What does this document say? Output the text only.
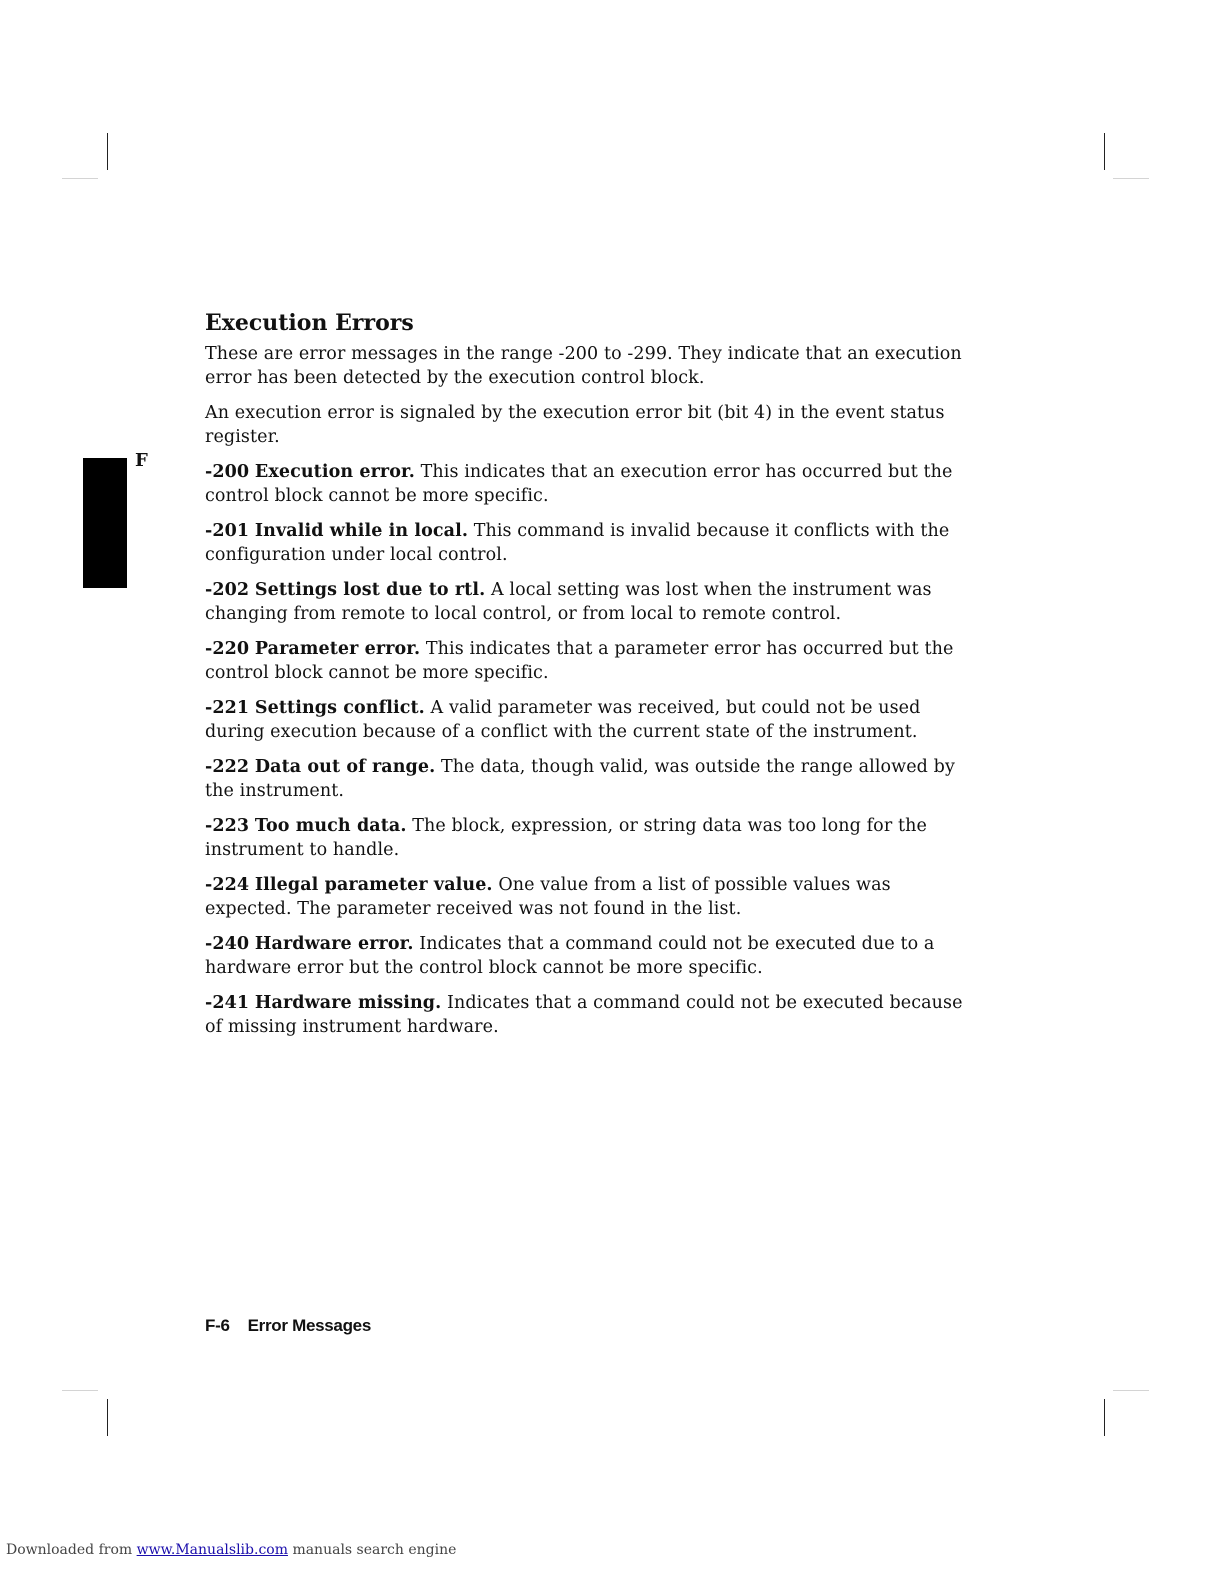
F
Execution Errors

These are error messages in the range -200 to -299. They indicate that an execution error has been detected by the execution control block.

An execution error is signaled by the execution error bit (bit 4) in the event status register.

-200 Execution error. This indicates that an execution error has occurred but the control block cannot be more specific.

-201 Invalid while in local. This command is invalid because it conflicts with the configuration under local control.

-202 Settings lost due to rtl. A local setting was lost when the instrument was changing from remote to local control, or from local to remote control.

-220 Parameter error. This indicates that a parameter error has occurred but the control block cannot be more specific.

-221 Settings conflict. A valid parameter was received, but could not be used during execution because of a conflict with the current state of the instrument.

-222 Data out of range. The data, though valid, was outside the range allowed by the instrument.

-223 Too much data. The block, expression, or string data was too long for the instrument to handle.

-224 Illegal parameter value. One value from a list of possible values was expected. The parameter received was not found in the list.

-240 Hardware error. Indicates that a command could not be executed due to a hardware error but the control block cannot be more specific.

-241 Hardware missing. Indicates that a command could not be executed because of missing instrument hardware.

F-6 Error Messages
Downloaded from www.Manualslib.com manuals search engine
